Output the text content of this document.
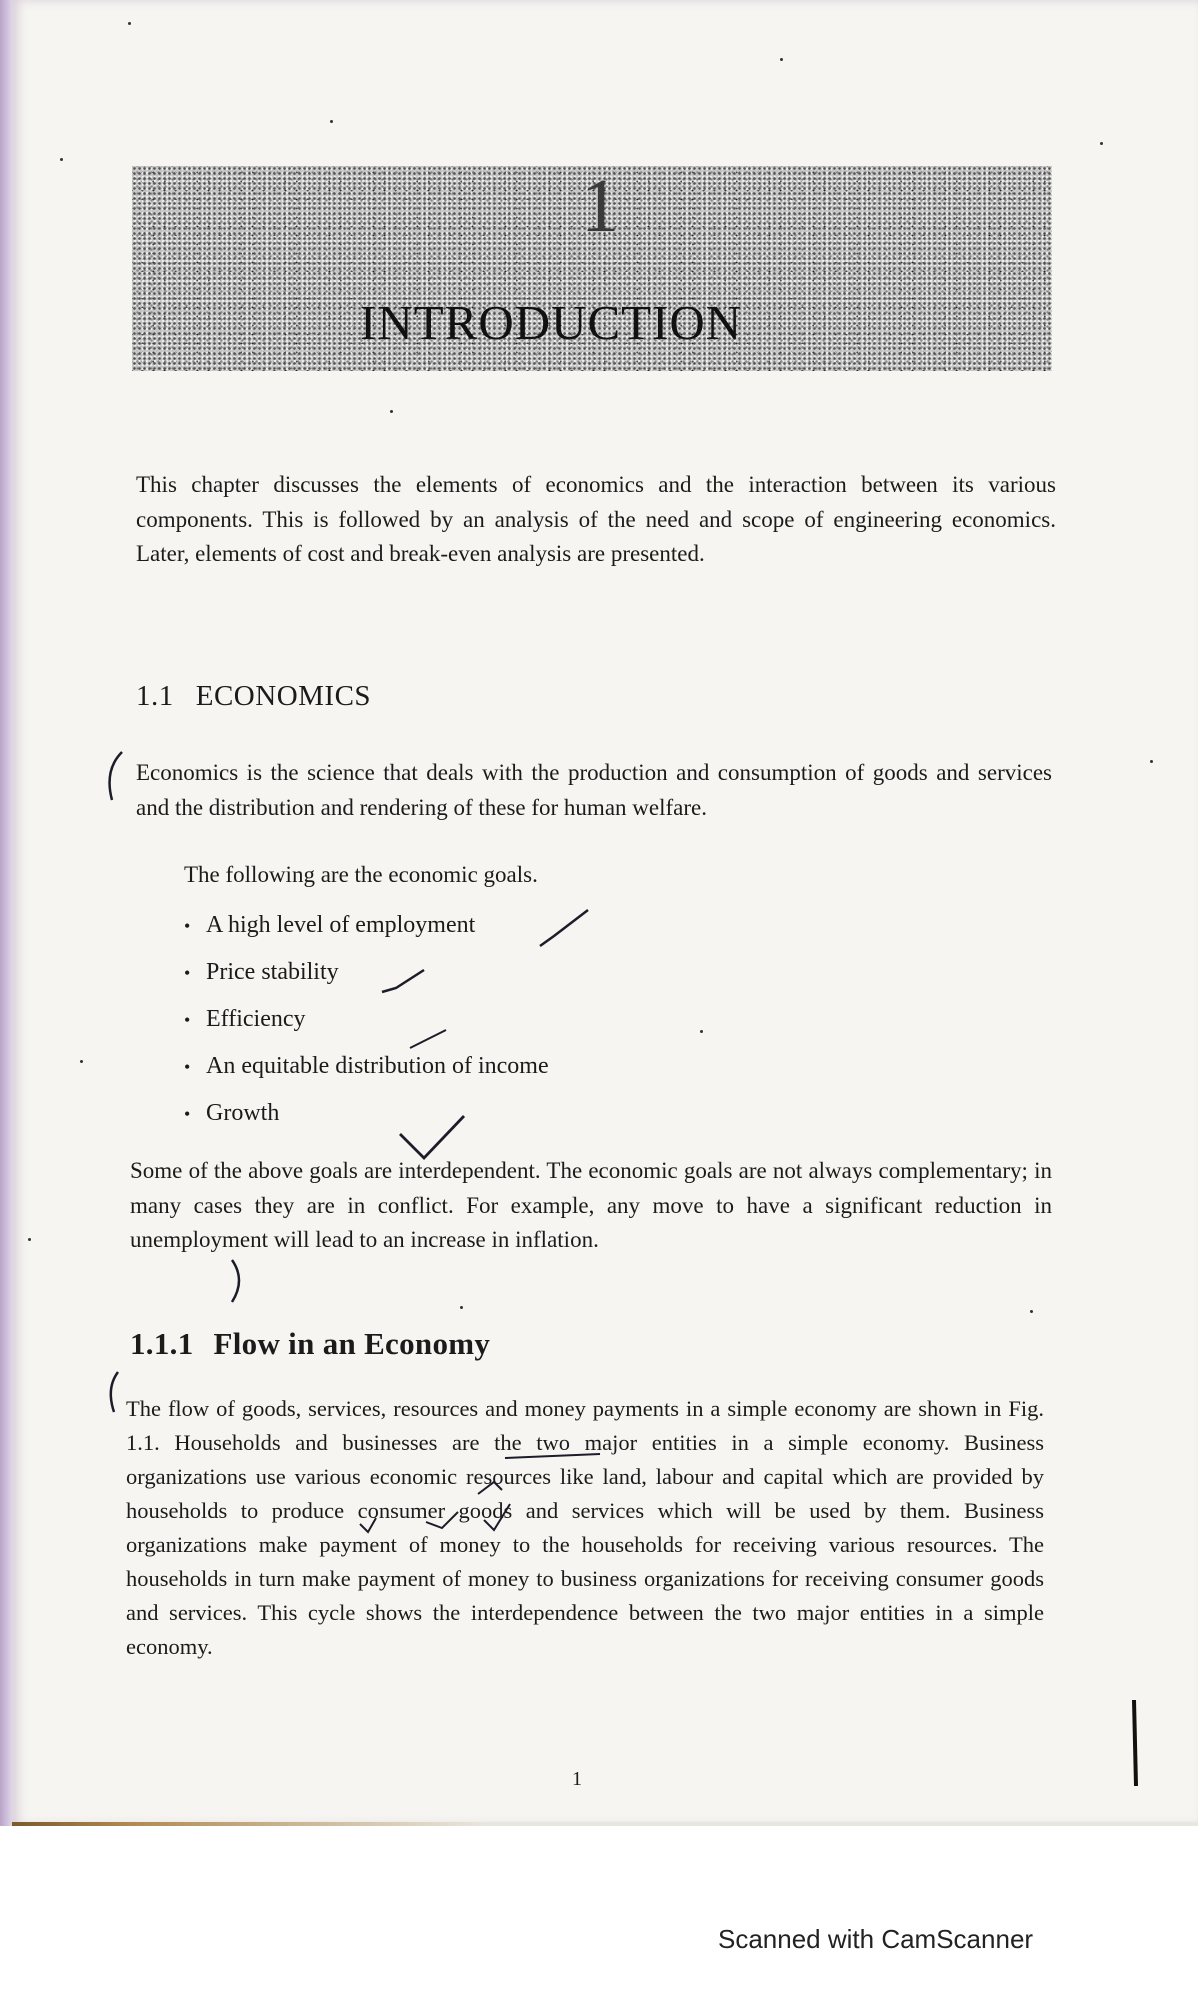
1
INTRODUCTION

This chapter discusses the elements of economics and the interaction between its various components. This is followed by an analysis of the need and scope of engineering economics. Later, elements of cost and break-even analysis are presented.

1.1 ECONOMICS

Economics is the science that deals with the production and consumption of goods and services and the distribution and rendering of these for human welfare.

The following are the economic goals.

• A high level of employment
• Price stability
• Efficiency
• An equitable distribution of income
• Growth

Some of the above goals are interdependent. The economic goals are not always complementary; in many cases they are in conflict. For example, any move to have a significant reduction in unemployment will lead to an increase in inflation.

1.1.1 Flow in an Economy

The flow of goods, services, resources and money payments in a simple economy are shown in Fig. 1.1. Households and businesses are the two major entities in a simple economy. Business organizations use various economic resources like land, labour and capital which are provided by households to produce consumer goods and services which will be used by them. Business organizations make payment of money to the households for receiving various resources. The households in turn make payment of money to business organizations for receiving consumer goods and services. This cycle shows the interdependence between the two major entities in a simple economy.

1
Scanned with CamScanner
